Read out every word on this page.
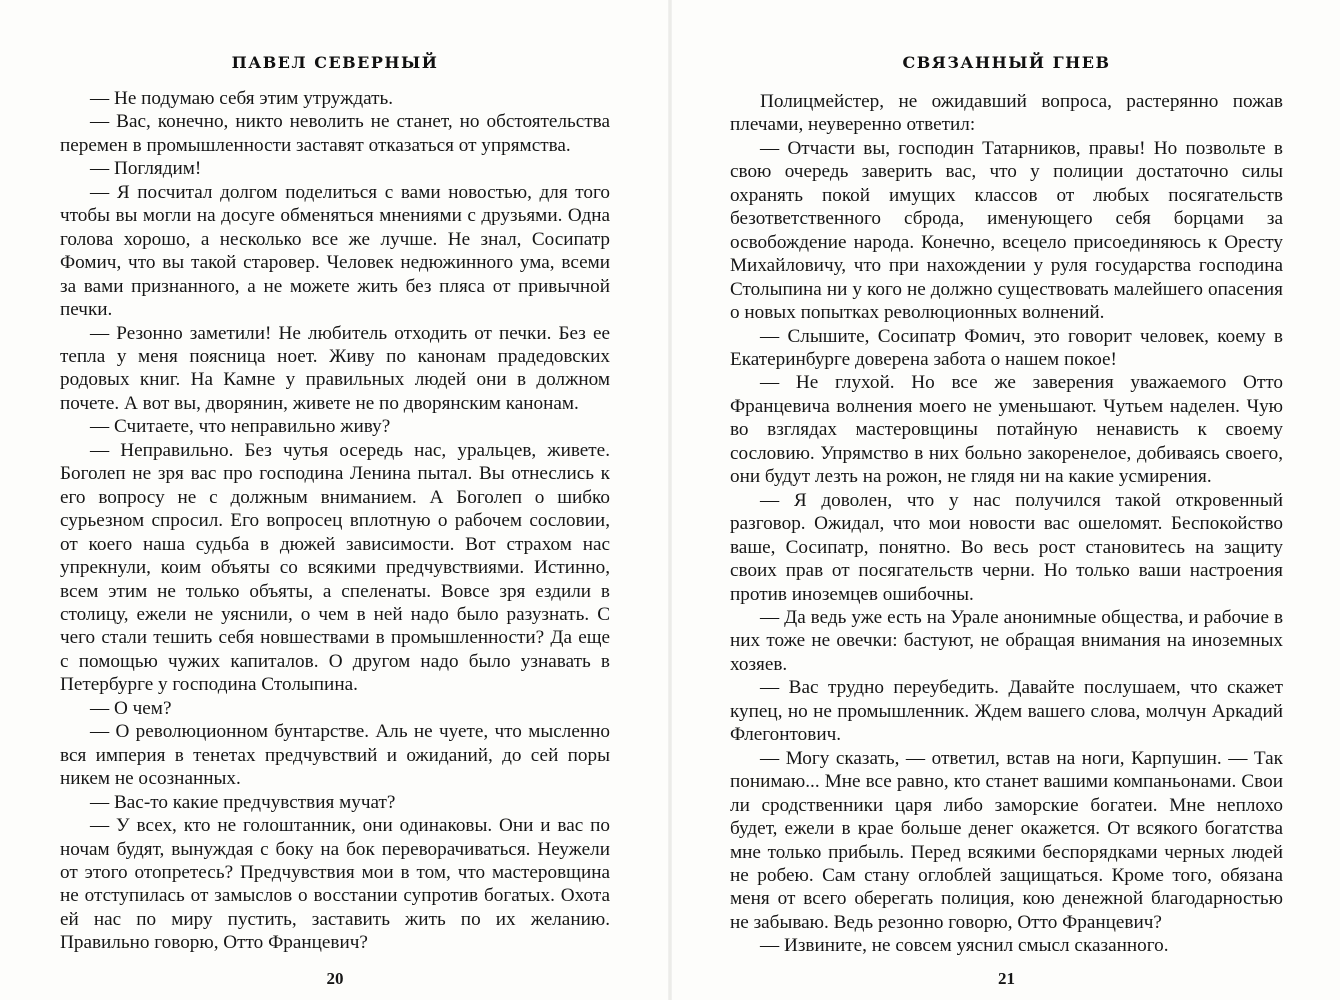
ПАВЕЛ СЕВЕРНЫЙ

— Не подумаю себя этим утруждать.

— Вас, конечно, никто неволить не станет, но обстоятельства перемен в промышленности заставят отказаться от упрямства.

— Поглядим!

— Я посчитал долгом поделиться с вами новостью, для того чтобы вы могли на досуге обменяться мнениями с друзьями. Одна голова хорошо, а несколько все же лучше. Не знал, Сосипатр Фомич, что вы такой старовер. Человек недюжинного ума, всеми за вами признанного, а не можете жить без пляса от привычной печки.

— Резонно заметили! Не любитель отходить от печки. Без ее тепла у меня поясница ноет. Живу по канонам прадедовских родовых книг. На Камне у правильных людей они в должном почете. А вот вы, дворянин, живете не по дворянским канонам.

— Считаете, что неправильно живу?

— Неправильно. Без чутья осередь нас, уральцев, живете. Боголеп не зря вас про господина Ленина пытал. Вы отнеслись к его вопросу не с должным вниманием. А Боголеп о шибко сурьезном спросил. Его вопросец вплотную о рабочем сословии, от коего наша судьба в дюжей зависимости. Вот страхом нас упрекнули, коим объяты со всякими предчувствиями. Истинно, всем этим не только объяты, а спеленаты. Вовсе зря ездили в столицу, ежели не уяснили, о чем в ней надо было разузнать. С чего стали тешить себя новшествами в промышленности? Да еще с помощью чужих капиталов. О другом надо было узнавать в Петербурге у господина Столыпина.

— О чем?

— О революционном бунтарстве. Аль не чуете, что мысленно вся империя в тенетах предчувствий и ожиданий, до сей поры никем не осознанных.

— Вас-то какие предчувствия мучат?

— У всех, кто не голоштанник, они одинаковы. Они и вас по ночам будят, вынуждая с боку на бок переворачиваться. Неужели от этого отопретесь? Предчувствия мои в том, что мастеровщина не отступилась от замыслов о восстании супротив богатых. Охота ей нас по миру пустить, заставить жить по их желанию. Правильно говорю, Отто Францевич?

20
СВЯЗАННЫЙ ГНЕВ

Полицмейстер, не ожидавший вопроса, растерянно пожав плечами, неуверенно ответил:

— Отчасти вы, господин Татарников, правы! Но позвольте в свою очередь заверить вас, что у полиции достаточно силы охранять покой имущих классов от любых посягательств безответственного сброда, именующего себя борцами за освобождение народа. Конечно, всецело присоединяюсь к Оресту Михайловичу, что при нахождении у руля государства господина Столыпина ни у кого не должно существовать малейшего опасения о новых попытках революционных волнений.

— Слышите, Сосипатр Фомич, это говорит человек, коему в Екатеринбурге доверена забота о нашем покое!

— Не глухой. Но все же заверения уважаемого Отто Францевича волнения моего не уменьшают. Чутьем наделен. Чую во взглядах мастеровщины потайную ненависть к своему сословию. Упрямство в них больно закоренелое, добиваясь своего, они будут лезть на рожон, не глядя ни на какие усмирения.

— Я доволен, что у нас получился такой откровенный разговор. Ожидал, что мои новости вас ошеломят. Беспокойство ваше, Сосипатр, понятно. Во весь рост становитесь на защиту своих прав от посягательств черни. Но только ваши настроения против иноземцев ошибочны.

— Да ведь уже есть на Урале анонимные общества, и рабочие в них тоже не овечки: бастуют, не обращая внимания на иноземных хозяев.

— Вас трудно переубедить. Давайте послушаем, что скажет купец, но не промышленник. Ждем вашего слова, молчун Аркадий Флегонтович.

— Могу сказать, — ответил, встав на ноги, Карпушин. — Так понимаю... Мне все равно, кто станет вашими компаньонами. Свои ли сродственники царя либо заморские богатеи. Мне неплохо будет, ежели в крае больше денег окажется. От всякого богатства мне только прибыль. Перед всякими беспорядками черных людей не робею. Сам стану оглоблей защищаться. Кроме того, обязана меня от всего оберегать полиция, кою денежной благодарностью не забываю. Ведь резонно говорю, Отто Францевич?

— Извините, не совсем уяснил смысл сказанного.

21
